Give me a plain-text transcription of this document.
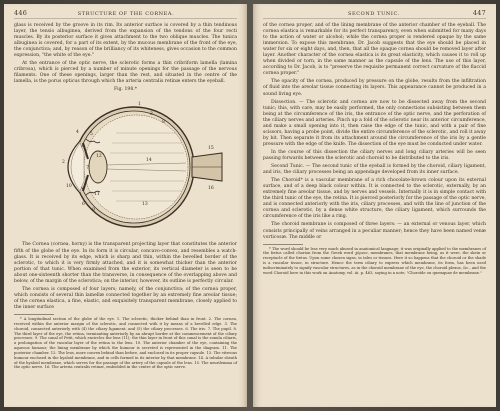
446	STRUCTURE OF THE CORNEA.

glass is received by the groove in its rim. Its anterior surface is covered by a thin tendinous layer, the tensio albuginea, derived from the expansion of the tendons of the four recti muscles. By its posterior surface it gives attachment to the two oblique muscles. The tunica albuginea is covered, for a part of its extent, by the mucous membrane of the front of the eye, the conjunctiva; and, by reason of the brilliancy of its whiteness, gives occasion to the common expression, "the white of the eye."

At the entrance of the optic nerve, the sclerotic forms a thin cribriform lamella (lamina cribrosa), which is pierced by a number of minute openings for the passage of the nervous filaments. One of these openings, larger than the rest, and situated in the centre of the lamella, is the porus opticus through which the arteria centralis retinæ enters the eyeball.

Fig. 198.*
1
2
3
4 5
6
7
8
9
10
11
12
13
14
15
16

The Cornea (cornea, horny) is the transparent projecting layer that constitutes the anterior fifth of the globe of the eye. In its form it is circular, concavo-convex, and resembles a watch-glass. It is received by its edge, which is sharp and thin, within the bevelled border of the sclerotic, to which it is very firmly attached, and it is somewhat thicker than the anterior portion of that tunic. When examined from the exterior, its vertical diameter is seen to be about one-sixteenth shorter than the transverse, in consequence of the overlapping above and below, of the margin of the sclerotica; on the interior, however, its outline is perfectly circular.

The cornea is composed of four layers; namely, of the conjunctiva; of the cornea proper, which consists of several thin lamellæ connected together by an extremely fine areolar tissue; of the cornea elastica, a fine, elastic, and exquisitely transparent membrane, closely applied to the inner surface

* A longitudinal section of the globe of the eye. 1. The sclerotic, thicker behind than in front. 2. The cornea, received within the anterior margin of the sclerotic, and connected with it by means of a bevelled edge. 3. The choroid, connected anteriorly with (4) the ciliary ligament, and (5) the ciliary processes. 6. The iris. 7. The pupil. 8. The third layer of the eye, the retina, terminating anteriorly by an abrupt border at the commencement of the ciliary processes. 9. The canal of Petit, which encircles the lens (11); the thin layer in front of this canal is the zonula ciliaris, a prolongation of the vascular layer of the retina to the lens. 10. The anterior chamber of the eye, containing the aqueous humour; the lining membrane by which the humour is secreted is represented in the diagram. 11. The posterior chamber. 12. The lens, more convex behind than before, and enclosed in its proper capsule. 13. The vitreous humour enclosed in the hyaloid membrane, and in cells formed in its interior by that membrane. 14. A tubular sheath of the hyaloid membrane, which serves for the passage of the artery of the capsule of the lens. 15. The neurilemma of the optic nerve. 16. The arteria centralis retinæ, embedded in the centre of the optic nerve.

SECOND TUNIC.	447

of the cornea proper, and of the lining membrane of the anterior chamber of the eyeball. The cornea elastica is remarkable for its perfect transparency, even when submitted for many days to the action of water or alcohol; while the cornea proper is rendered opaque by the same immersion. To expose this membrane, Dr. Jacob suggests that the eye should be placed in water for six or eight days, and, then, that all the opaque cornea should be removed layer after layer. Another character of the cornea elastica is its great elasticity, which causes it to roll up when divided or torn, in the same manner as the capsule of the lens. The use of this layer, according to Dr. Jacob, is to "preserve the requisite permanent correct curvature of the flaccid cornea proper."

The opacity of the cornea, produced by pressure on the globe, results from the infiltration of fluid into the areolar tissue connecting its layers. This appearance cannot be produced in a sound living eye.

Dissection. — The sclerotic and cornea are now to be dissected away from the second tunic; this, with care, may be easily performed, the only connections subsisting between them being at the circumference of the iris, the entrance of the optic nerve, and the perforation of the ciliary nerves and arteries. Pinch up a fold of the sclerotic near its anterior circumference, and make a small opening into it, then raise the edge of the tunic, and with a pair of fine scissors, having a probe point, divide the entire circumference of the sclerotic, and roll it away by bit. Then separate it from its attachment around the circumference of the iris by a gentle pressure with the edge of the knife. The dissection of the eye must be conducted under water.

In the course of this dissection the ciliary nerves and long ciliary arteries will be seen passing forwards between the sclerotic and choroid to be distributed to the iris.

Second Tunic. — The second tunic of the eyeball is formed by the choroid, ciliary ligament, and iris, the ciliary processes being an appendage developed from its inner surface.

The Choroid* is a vascular membrane of a rich chocolate-brown colour upon its external surface, and of a deep black colour within. It is connected to the sclerotic, externally, by an extremely fine areolar tissue, and by nerves and vessels. Internally it is in simple contact with the third tunic of the eye, the retina. It is pierced posteriorly for the passage of the optic nerve, and is connected anteriorly with the iris, ciliary processes, and with the line of junction of the cornea and sclerotic, by a dense white structure, the ciliary ligament, which surrounds the circumference of the iris like a ring.

The choroid membrane is composed of three layers: — an external or venous layer, which consists principally of veins arranged in a peculiar manner; hence they have been named venæ vorticosæ. The middle or

* The word should be less very much abused in anatomical language; it was originally applied to the membranes of the fœtus called chorion from the Greek word χόριον, membranes, that membrane being, as it were, the skein or receptacle of the fœtus. Upon some chosen signs, in tales or tissues. Here it so happens that the choroid or the shade is a vascular tissue, in structure. Hence the term ciliary to express which membrane, its form, has been used indiscriminately to signify vascular structures, as in the choroid membrane of the eye, the choroid plexus, &c., and the word Choroid here in this work on Anatomy, vol. iii. p. 463, saying in a note, "Choroïde ou quemquae de membrane."
